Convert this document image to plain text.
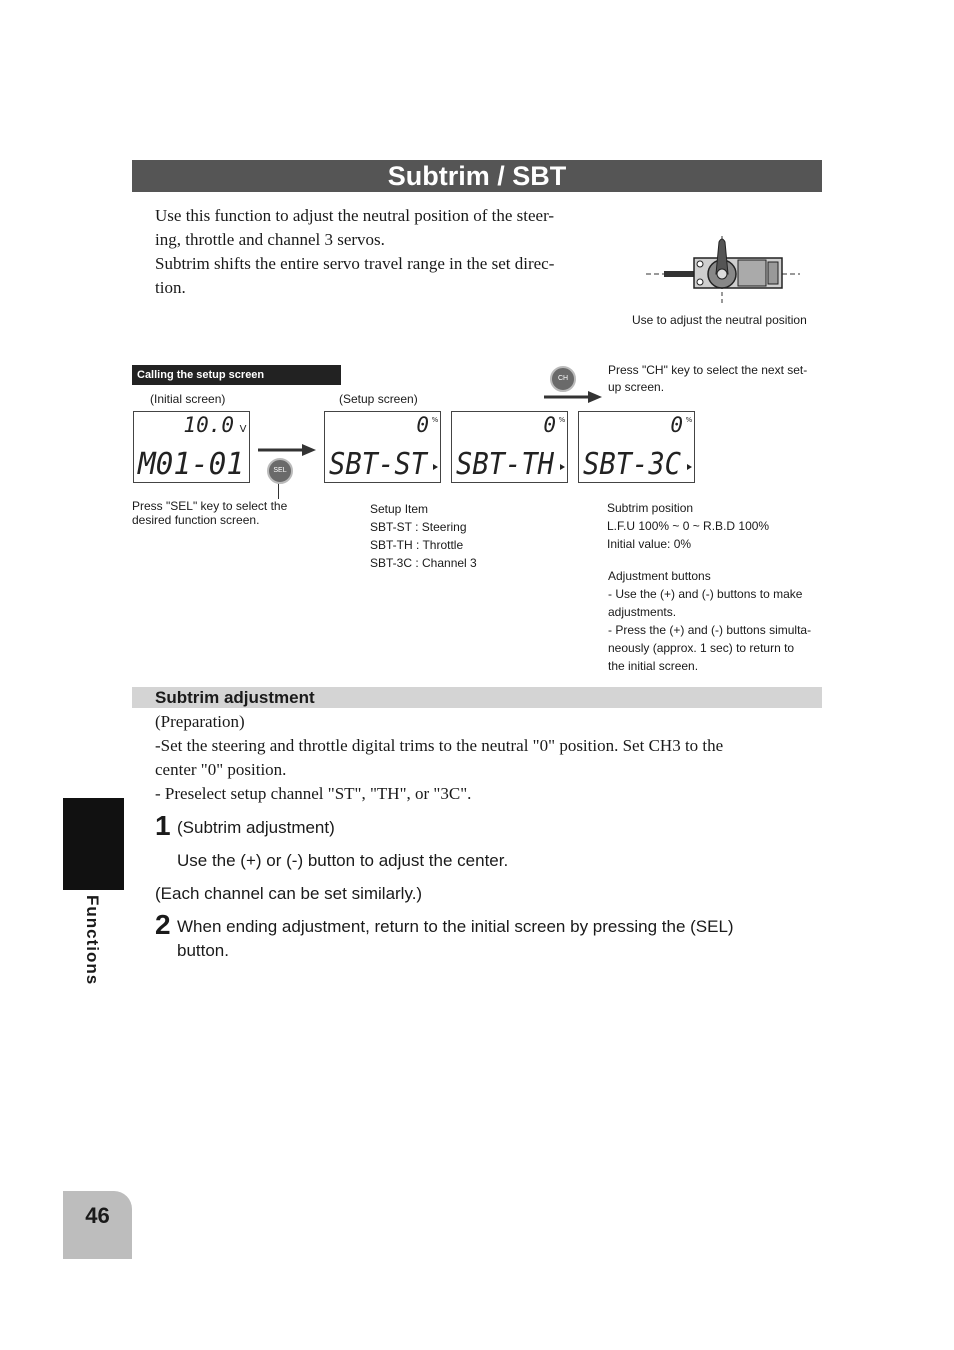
Subtrim / SBT

Use this function to adjust the neutral position of the steer-

ing, throttle and channel 3 servos.

Subtrim shifts the entire servo travel range in the set direc-

tion.

Use to adjust the neutral position
Calling the setup screen
(Initial screen)	(Setup screen)
10.0 V
M01-01	SEL
0 %
SBT-ST
0 %
SBT-TH
0 %
SBT-3C
CH
Press "CH" key to select the next set-
up screen.
Press "SEL" key to select the
desired function screen.
Setup Item
SBT-ST : Steering
SBT-TH : Throttle
SBT-3C : Channel 3
Subtrim position
L.F.U 100% ~ 0 ~ R.B.D 100%
Initial value: 0%
Adjustment buttons
- Use the (+) and (-) buttons to make
adjustments.
- Press the (+) and (-) buttons simulta-
neously (approx. 1 sec) to return to
the initial screen.
Subtrim adjustment
(Preparation)
-Set the steering and throttle digital trims to the neutral "0" position. Set CH3 to the
center "0" position.
- Preselect setup channel "ST", "TH", or "3C".
1 (Subtrim adjustment)
Use the (+) or (-) button to adjust the center.
(Each channel can be set similarly.)
2 When ending adjustment, return to the initial screen by pressing the (SEL)
button.
Functions
46
